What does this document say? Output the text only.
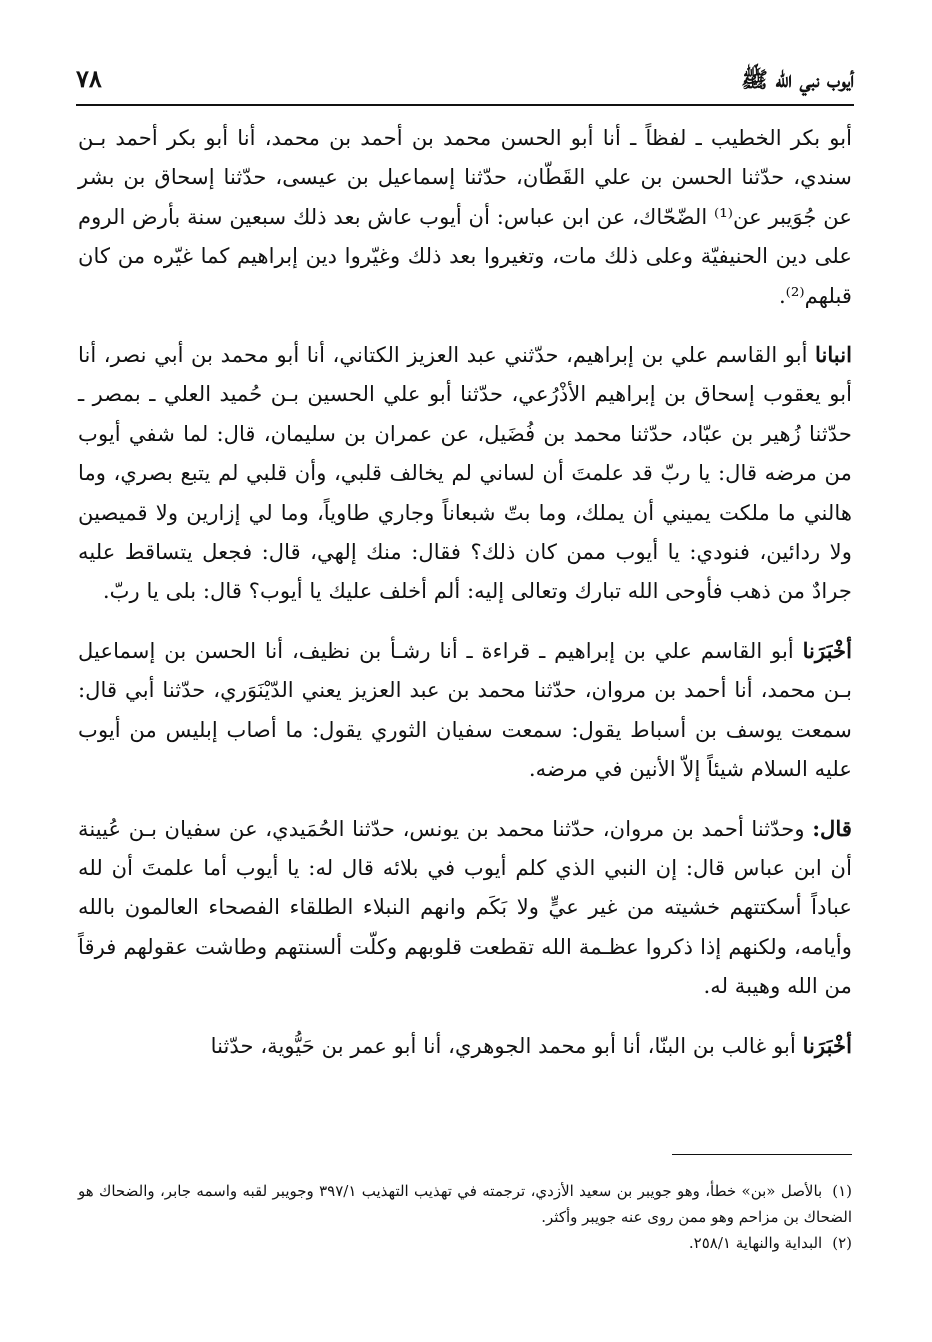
أيوب نبي الله ﷺ
٧٨

أبو بكر الخطيب ـ لفظاً ـ أنا أبو الحسن محمد بن أحمد بن محمد، أنا أبو بكر أحمد بـن سندي، حدّثنا الحسن بن علي القَطّان، حدّثنا إسماعيل بن عيسى، حدّثنا إسحاق بن بشر عن جُوَيبر عن⁽¹⁾ الضّحّاك، عن ابن عباس: أن أيوب عاش بعد ذلك سبعين سنة بأرض الروم على دين الحنيفيّة وعلى ذلك مات، وتغيروا بعد ذلك وغيّروا دين إبراهيم كما غيّره من كان قبلهم⁽²⁾.

انبانا أبو القاسم علي بن إبراهيم، حدّثني عبد العزيز الكتاني، أنا أبو محمد بن أبي نصر، أنا أبو يعقوب إسحاق بن إبراهيم الأذْرُعي، حدّثنا أبو علي الحسين بـن حُميد العلي ـ بمصر ـ حدّثنا زُهير بن عبّاد، حدّثنا محمد بن فُضَيل، عن عمران بن سليمان، قال: لما شفي أيوب من مرضه قال: يا ربّ قد علمتَ أن لساني لم يخالف قلبي، وأن قلبي لم يتبع بصري، وما هالني ما ملكت يميني أن يملك، وما بتّ شبعاناً وجاري طاوياً، وما لي إزارين ولا قميصين ولا ردائين، فنودي: يا أيوب ممن كان ذلك؟ فقال: منك إلهي، قال: فجعل يتساقط عليه جرادٌ من ذهب فأوحى الله تبارك وتعالى إليه: ألم أخلف عليك يا أيوب؟ قال: بلى يا ربّ.

أخْبَرَنا أبو القاسم علي بن إبراهيم ـ قراءة ـ أنا رشـأ بن نظيف، أنا الحسن بن إسماعيل بـن محمد، أنا أحمد بن مروان، حدّثنا محمد بن عبد العزيز يعني الدّيْنَوَري، حدّثنا أبي قال: سمعت يوسف بن أسباط يقول: سمعت سفيان الثوري يقول: ما أصاب إبليس من أيوب عليه السلام شيئاً إلاّ الأنين في مرضه.

قال: وحدّثنا أحمد بن مروان، حدّثنا محمد بن يونس، حدّثنا الحُمَيدي، عن سفيان بـن عُيينة أن ابن عباس قال: إن النبي الذي كلم أيوب في بلائه قال له: يا أيوب أما علمتَ أن لله عباداً أسكتتهم خشيته من غير عيٍّ ولا بَكَم وانهم النبلاء الطلقاء الفصحاء العالمون بالله وأيامه، ولكنهم إذا ذكروا عظـمة الله تقطعت قلوبهم وكلّت ألسنتهم وطاشت عقولهم فرقاً من الله وهيبة له.

أخْبَرَنا أبو غالب بن البنّا، أنا أبو محمد الجوهري، أنا أبو عمر بن حَيُّوية، حدّثنا

(١)بالأصل «بن» خطأ، وهو جويبر بن سعيد الأزدي، ترجمته في تهذيب التهذيب ٣٩٧/١ وجويبر لقبه واسمه جابر، والضحاك هو الضحاك بن مزاحم وهو ممن روى عنه جويبر وأكثر.

(٢)البداية والنهاية ٢٥٨/١.
